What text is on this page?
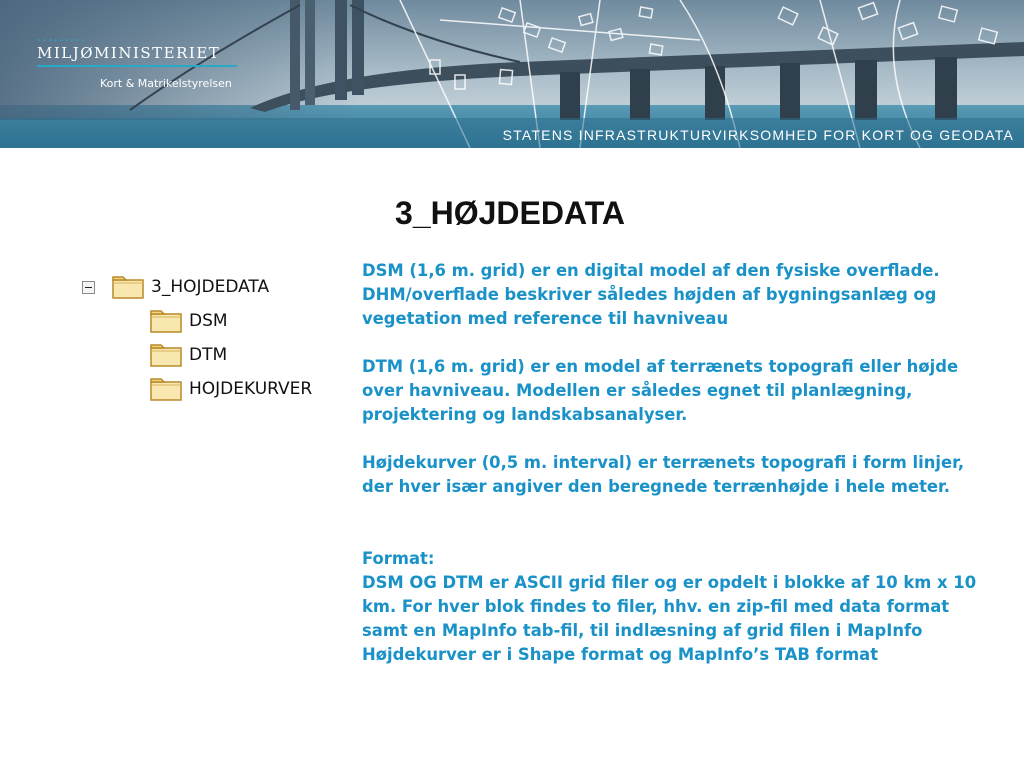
.........
MILJØMINISTERIET
Kort & Matrikelstyrelsen
STATENS INFRASTRUKTURVIRKSOMHED FOR KORT OG GEODATA
3_HØJDEDATA
3_HOJDEDATA
DSM
DTM
HOJDEKURVER

DSM (1,6 m. grid) er en digital model af den fysiske overflade. DHM/overflade beskriver således højden af bygningsanlæg og vegetation med reference til havniveau

DTM (1,6 m. grid) er en model af terrænets topografi eller højde over havniveau. Modellen er således egnet til planlægning, projektering og landskabsanalyser.

Højdekurver (0,5 m. interval) er terrænets topografi i form linjer, der hver især angiver den beregnede terrænhøjde i hele meter.

Format:

DSM OG DTM er ASCII grid filer og er opdelt i blokke af 10 km x 10 km. For hver blok findes to filer, hhv. en zip-fil med data format samt en MapInfo tab-fil, til indlæsning af grid filen i MapInfo

Højdekurver er i Shape format og MapInfo’s TAB format
